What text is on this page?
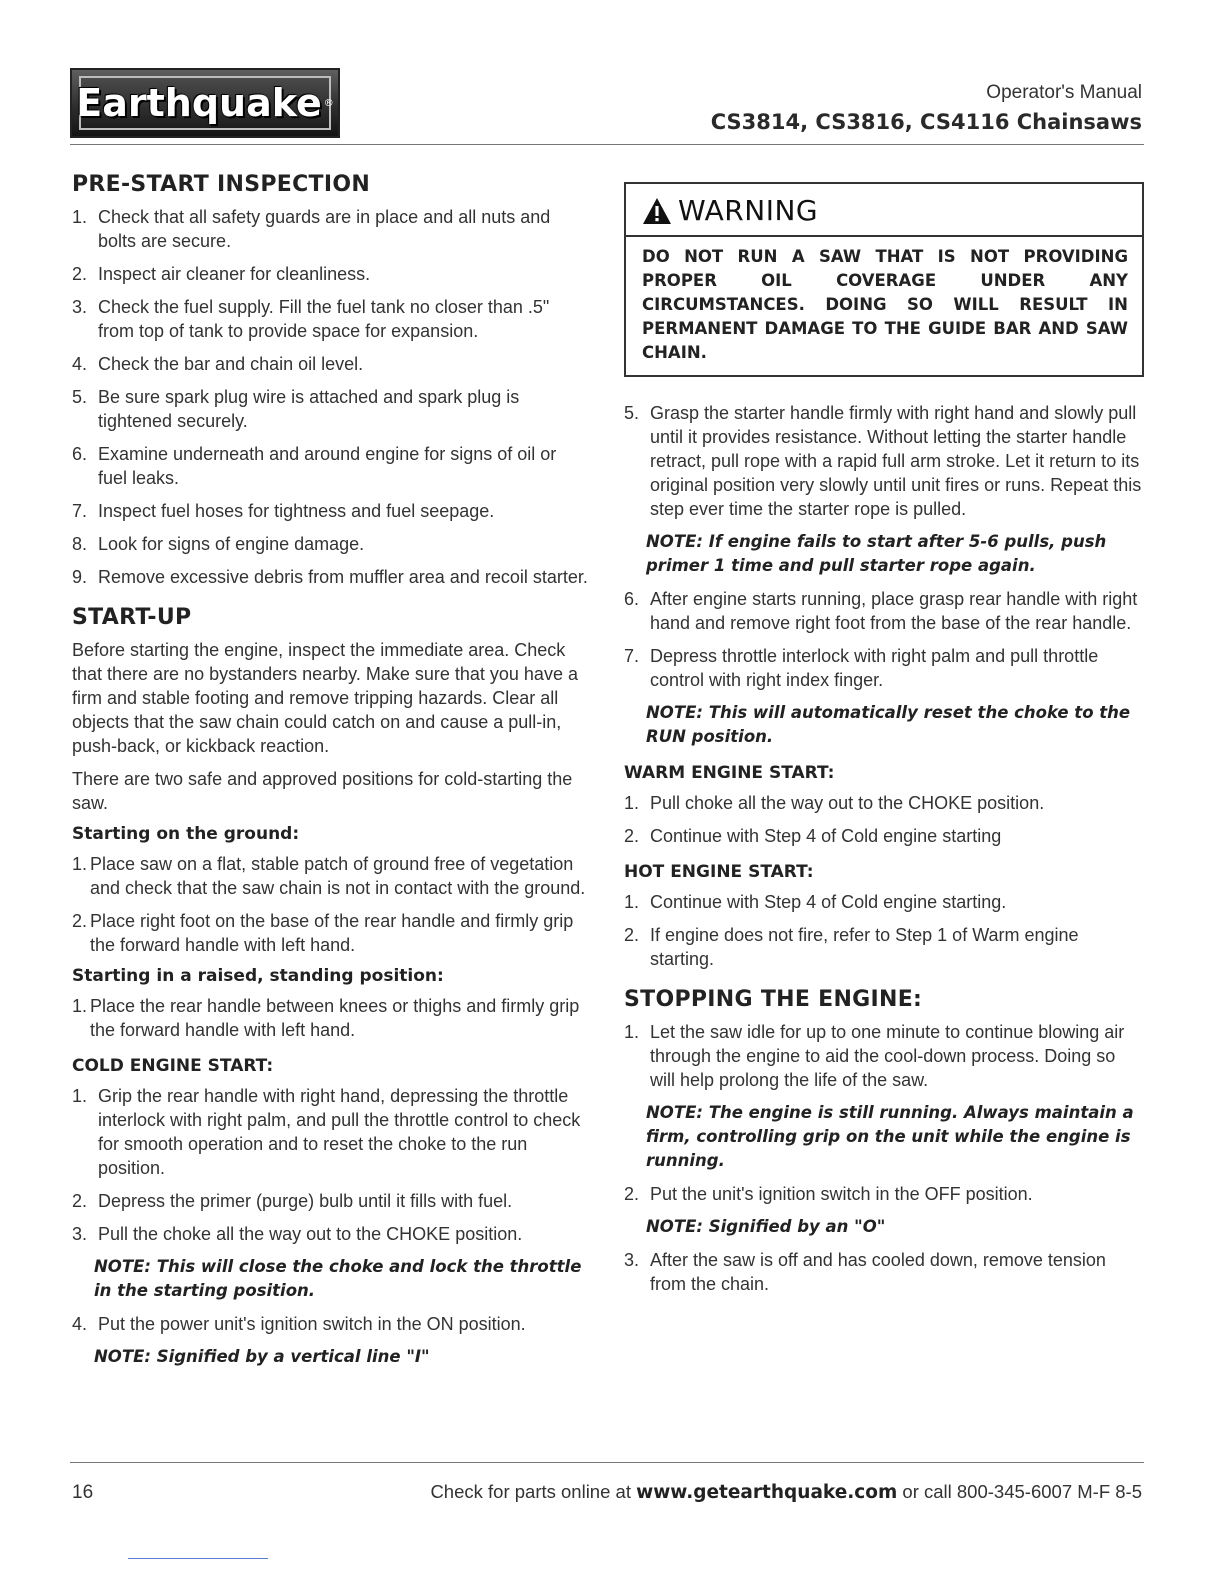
Earthquake ®	Operator's Manual
CS3814, CS3816, CS4116 Chainsaws
PRE-START INSPECTION
1. Check that all safety guards are in place and all nuts and bolts are secure.
2. Inspect air cleaner for cleanliness.
3. Check the fuel supply. Fill the fuel tank no closer than .5" from top of tank to provide space for expansion.
4. Check the bar and chain oil level.
5. Be sure spark plug wire is attached and spark plug is tightened securely.
6. Examine underneath and around engine for signs of oil or fuel leaks.
7. Inspect fuel hoses for tightness and fuel seepage.
8. Look for signs of engine damage.
9. Remove excessive debris from muffler area and recoil starter.
START-UP

Before starting the engine, inspect the immediate area. Check that there are no bystanders nearby. Make sure that you have a firm and stable footing and remove tripping hazards. Clear all objects that the saw chain could catch on and cause a pull-in, push-back, or kickback reaction.

There are two safe and approved positions for cold-starting the saw.

Starting on the ground:
1. Place saw on a flat, stable patch of ground free of vegetation and check that the saw chain is not in contact with the ground.
2. Place right foot on the base of the rear handle and firmly grip the forward handle with left hand.
Starting in a raised, standing position:
1. Place the rear handle between knees or thighs and firmly grip the forward handle with left hand.
COLD ENGINE START:
1. Grip the rear handle with right hand, depressing the throttle interlock with right palm, and pull the throttle control to check for smooth operation and to reset the choke to the run position.
2. Depress the primer (purge) bulb until it fills with fuel.
3. Pull the choke all the way out to the CHOKE position.

NOTE: This will close the choke and lock the throttle in the starting position.

4. Put the power unit's ignition switch in the ON position.

NOTE: Signified by a vertical line "I"

WARNING

DO NOT RUN A SAW THAT IS NOT PROVIDING PROPER OIL COVERAGE UNDER ANY CIRCUMSTANCES. DOING SO WILL RESULT IN PERMANENT DAMAGE TO THE GUIDE BAR AND SAW CHAIN.

5. Grasp the starter handle firmly with right hand and slowly pull until it provides resistance. Without letting the starter handle retract, pull rope with a rapid full arm stroke. Let it return to its original position very slowly until unit fires or runs. Repeat this step ever time the starter rope is pulled.

NOTE: If engine fails to start after 5-6 pulls, push primer 1 time and pull starter rope again.

6. After engine starts running, place grasp rear handle with right hand and remove right foot from the base of the rear handle.
7. Depress throttle interlock with right palm and pull throttle control with right index finger.

NOTE: This will automatically reset the choke to the RUN position.

WARM ENGINE START:
1. Pull choke all the way out to the CHOKE position.
2. Continue with Step 4 of Cold engine starting
HOT ENGINE START:
1. Continue with Step 4 of Cold engine starting.
2. If engine does not fire, refer to Step 1 of Warm engine starting.
STOPPING THE ENGINE:
1. Let the saw idle for up to one minute to continue blowing air through the engine to aid the cool-down process. Doing so will help prolong the life of the saw.

NOTE: The engine is still running. Always maintain a firm, controlling grip on the unit while the engine is running.

2. Put the unit's ignition switch in the OFF position.

NOTE: Signified by an "O"

3. After the saw is off and has cooled down, remove tension from the chain.
16	Check for parts online at www.getearthquake.com or call 800-345-6007 M-F 8-5
